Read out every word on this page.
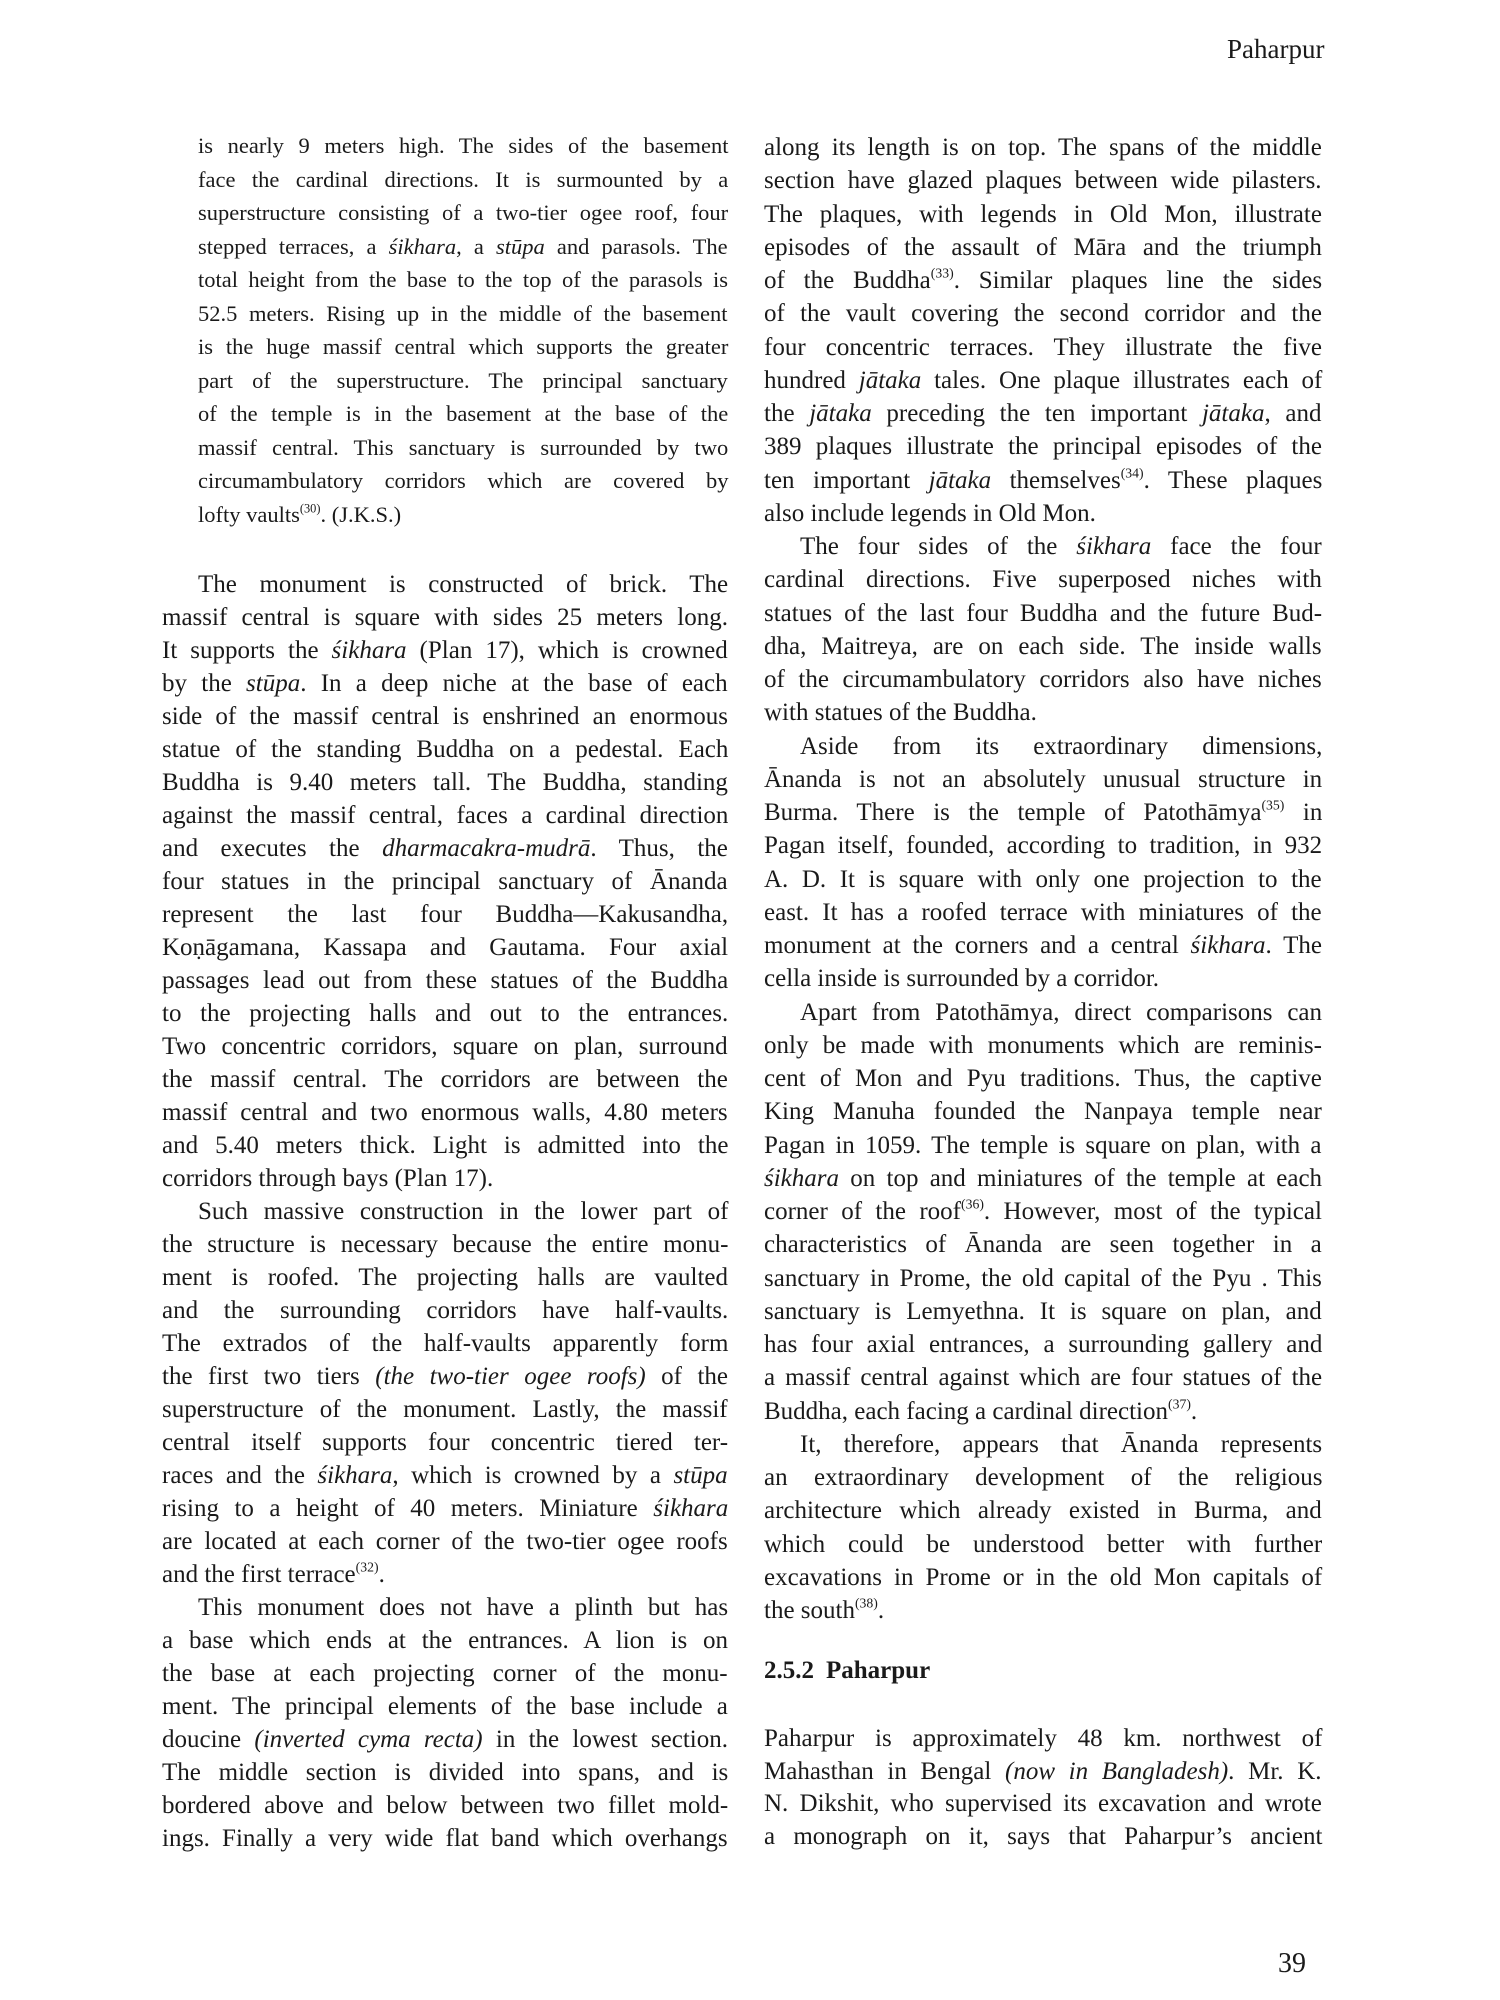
Paharpur
is nearly 9 meters high. The sides of the basement
face the cardinal directions. It is surmounted by a
superstructure consisting of a two-tier ogee roof, four
stepped terraces, a śikhara, a stūpa and parasols. The
total height from the base to the top of the parasols is
52.5 meters. Rising up in the middle of the basement
is the huge massif central which supports the greater
part of the superstructure. The principal sanctuary
of the temple is in the basement at the base of the
massif central. This sanctuary is surrounded by two
circumambulatory corridors which are covered by
lofty vaults$^{(30)}$. (J.K.S.)
The monument is constructed of brick. The
massif central is square with sides 25 meters long.
It supports the śikhara (Plan 17), which is crowned
by the stūpa. In a deep niche at the base of each
side of the massif central is enshrined an enormous
statue of the standing Buddha on a pedestal. Each
Buddha is 9.40 meters tall. The Buddha, standing
against the massif central, faces a cardinal direction
and executes the dharmacakra-mudrā. Thus, the
four statues in the principal sanctuary of Ānanda
represent the last four Buddha—Kakusandha,
Koṇāgamana, Kassapa and Gautama. Four axial
passages lead out from these statues of the Buddha
to the projecting halls and out to the entrances.
Two concentric corridors, square on plan, surround
the massif central. The corridors are between the
massif central and two enormous walls, 4.80 meters
and 5.40 meters thick. Light is admitted into the
corridors through bays (Plan 17).
Such massive construction in the lower part of
the structure is necessary because the entire monu-
ment is roofed. The projecting halls are vaulted
and the surrounding corridors have half-vaults.
The extrados of the half-vaults apparently form
the first two tiers (the two-tier ogee roofs) of the
superstructure of the monument. Lastly, the massif
central itself supports four concentric tiered ter-
races and the śikhara, which is crowned by a stūpa
rising to a height of 40 meters. Miniature śikhara
are located at each corner of the two-tier ogee roofs
and the first terrace$^{(32)}$.
This monument does not have a plinth but has
a base which ends at the entrances. A lion is on
the base at each projecting corner of the monu-
ment. The principal elements of the base include a
doucine (inverted cyma recta) in the lowest section.
The middle section is divided into spans, and is
bordered above and below between two fillet mold-
ings. Finally a very wide flat band which overhangs
along its length is on top. The spans of the middle
section have glazed plaques between wide pilasters.
The plaques, with legends in Old Mon, illustrate
episodes of the assault of Māra and the triumph
of the Buddha$^{(33)}$. Similar plaques line the sides
of the vault covering the second corridor and the
four concentric terraces. They illustrate the five
hundred jātaka tales. One plaque illustrates each of
the jātaka preceding the ten important jātaka, and
389 plaques illustrate the principal episodes of the
ten important jātaka themselves$^{(34)}$. These plaques
also include legends in Old Mon.
The four sides of the śikhara face the four
cardinal directions. Five superposed niches with
statues of the last four Buddha and the future Bud-
dha, Maitreya, are on each side. The inside walls
of the circumambulatory corridors also have niches
with statues of the Buddha.
Aside from its extraordinary dimensions,
Ānanda is not an absolutely unusual structure in
Burma. There is the temple of Patothāmya$^{(35)}$ in
Pagan itself, founded, according to tradition, in 932
A. D. It is square with only one projection to the
east. It has a roofed terrace with miniatures of the
monument at the corners and a central śikhara. The
cella inside is surrounded by a corridor.
Apart from Patothāmya, direct comparisons can
only be made with monuments which are reminis-
cent of Mon and Pyu traditions. Thus, the captive
King Manuha founded the Nanpaya temple near
Pagan in 1059. The temple is square on plan, with a
śikhara on top and miniatures of the temple at each
corner of the roof$^{(36)}$. However, most of the typical
characteristics of Ānanda are seen together in a
sanctuary in Prome, the old capital of the Pyu . This
sanctuary is Lemyethna. It is square on plan, and
has four axial entrances, a surrounding gallery and
a massif central against which are four statues of the
Buddha, each facing a cardinal direction$^{(37)}$.
It, therefore, appears that Ānanda represents
an extraordinary development of the religious
architecture which already existed in Burma, and
which could be understood better with further
excavations in Prome or in the old Mon capitals of
the south$^{(38)}$.
2.5.2 Paharpur
Paharpur is approximately 48 km. northwest of
Mahasthan in Bengal (now in Bangladesh). Mr. K.
N. Dikshit, who supervised its excavation and wrote
a monograph on it, says that Paharpur’s ancient
39
